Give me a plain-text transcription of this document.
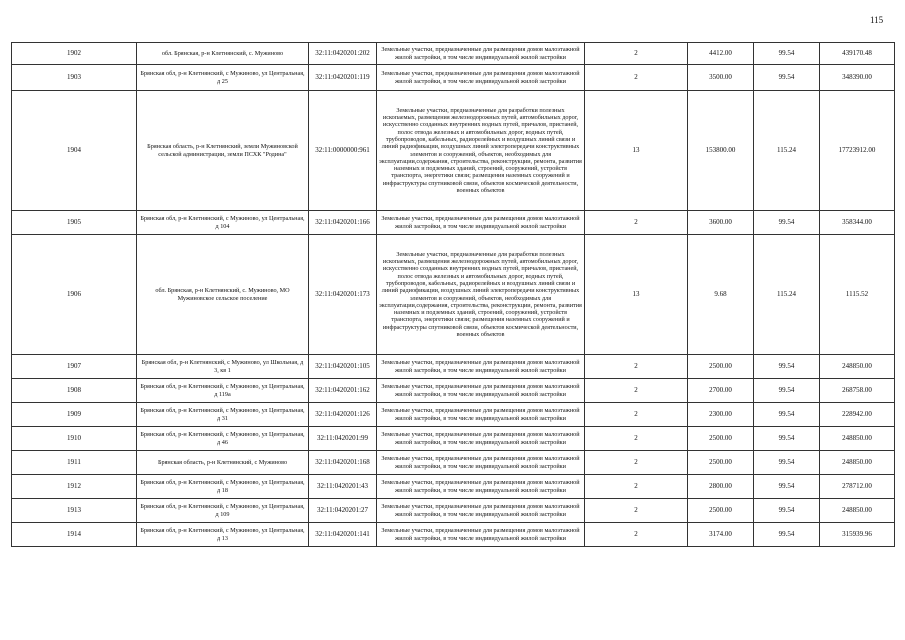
115
1902	обл. Брянская, р-н Клетнянский, с. Мужиново	32:11:0420201:202	Земельные участки, предназначенные для размещения домов малоэтажной жилой застройки, в том числе индивидуальной жилой застройки	2	4412.00	99.54	439170.48
1903	Брянская обл, р-н Клетнянский, с Мужиново, ул Центральная, д 25	32:11:0420201:119	Земельные участки, предназначенные для размещения домов малоэтажной жилой застройки, в том числе индивидуальной жилой застройки	2	3500.00	99.54	348390.00
1904	Брянская область, р-н Клетнянский, земли Мужиновской сельской администрации, земли ПСХК "Родина"	32:11:0000000:961	Земельные участки, предназначенные для разработки полезных ископаемых, размещения железнодорожных путей, автомобильных дорог, искусственно созданных внутренних водных путей, причалов, пристаней, полос отвода железных и автомобильных дорог, водных путей, трубопроводов, кабельных, радиорелейных и воздушных линий связи и линий радиофикации, воздушных линий электропередачи конструктивных элементов и сооружений, объектов, необходимых для эксплуатации,содержания, строительства, реконструкции, ремонта, развития наземных и подземных зданий, строений, сооружений, устройств транспорта, энергетики связи; размещения наземных сооружений и инфраструктуры спутниковой связи, объектов космической деятельности, военных объектов	13	153800.00	115.24	17723912.00
1905	Брянская обл, р-н Клетнянский, с Мужиново, ул Центральная, д 104	32:11:0420201:166	Земельные участки, предназначенные для размещения домов малоэтажной жилой застройки, в том числе индивидуальной жилой застройки	2	3600.00	99.54	358344.00
1906	обл. Брянская, р-н Клетнянский, с. Мужиново, МО Мужиновское сельское поселение	32:11:0420201:173	Земельные участки, предназначенные для разработки полезных ископаемых, размещения железнодорожных путей, автомобильных дорог, искусственно созданных внутренних водных путей, причалов, пристаней, полос отвода железных и автомобильных дорог, водных путей, трубопроводов, кабельных, радиорелейных и воздушных линий связи и линий радиофикации, воздушных линий электропередачи конструктивных элементов и сооружений, объектов, необходимых для эксплуатации,содержания, строительства, реконструкции, ремонта, развития наземных и подземных зданий, строений, сооружений, устройств транспорта, энергетики связи; размещения наземных сооружений и инфраструктуры спутниковой связи, объектов космической деятельности, военных объектов	13	9.68	115.24	1115.52
1907	Брянская обл, р-н Клетнянский, с Мужиново, ул Школьная, д 3, кв 1	32:11:0420201:105	Земельные участки, предназначенные для размещения домов малоэтажной жилой застройки, в том числе индивидуальной жилой застройки	2	2500.00	99.54	248850.00
1908	Брянская обл, р-н Клетнянский, с Мужиново, ул Центральная, д 119а	32:11:0420201:162	Земельные участки, предназначенные для размещения домов малоэтажной жилой застройки, в том числе индивидуальной жилой застройки	2	2700.00	99.54	268758.00
1909	Брянская обл, р-н Клетнянский, с Мужиново, ул Центральная, д 31	32:11:0420201:126	Земельные участки, предназначенные для размещения домов малоэтажной жилой застройки, в том числе индивидуальной жилой застройки	2	2300.00	99.54	228942.00
1910	Брянская обл, р-н Клетнянский, с Мужиново, ул Центральная, д 46	32:11:0420201:99	Земельные участки, предназначенные для размещения домов малоэтажной жилой застройки, в том числе индивидуальной жилой застройки	2	2500.00	99.54	248850.00
1911	Брянская область, р-н Клетнянский, с Мужиново	32:11:0420201:168	Земельные участки, предназначенные для размещения домов малоэтажной жилой застройки, в том числе индивидуальной жилой застройки	2	2500.00	99.54	248850.00
1912	Брянская обл, р-н Клетнянский, с Мужиново, ул Центральная, д 18	32:11:0420201:43	Земельные участки, предназначенные для размещения домов малоэтажной жилой застройки, в том числе индивидуальной жилой застройки	2	2800.00	99.54	278712.00
1913	Брянская обл, р-н Клетнянский, с Мужиново, ул Центральная, д 109	32:11:0420201:27	Земельные участки, предназначенные для размещения домов малоэтажной жилой застройки, в том числе индивидуальной жилой застройки	2	2500.00	99.54	248850.00
1914	Брянская обл, р-н Клетнянский, с Мужиново, ул Центральная, д 13	32:11:0420201:141	Земельные участки, предназначенные для размещения домов малоэтажной жилой застройки, в том числе индивидуальной жилой застройки	2	3174.00	99.54	315939.96
